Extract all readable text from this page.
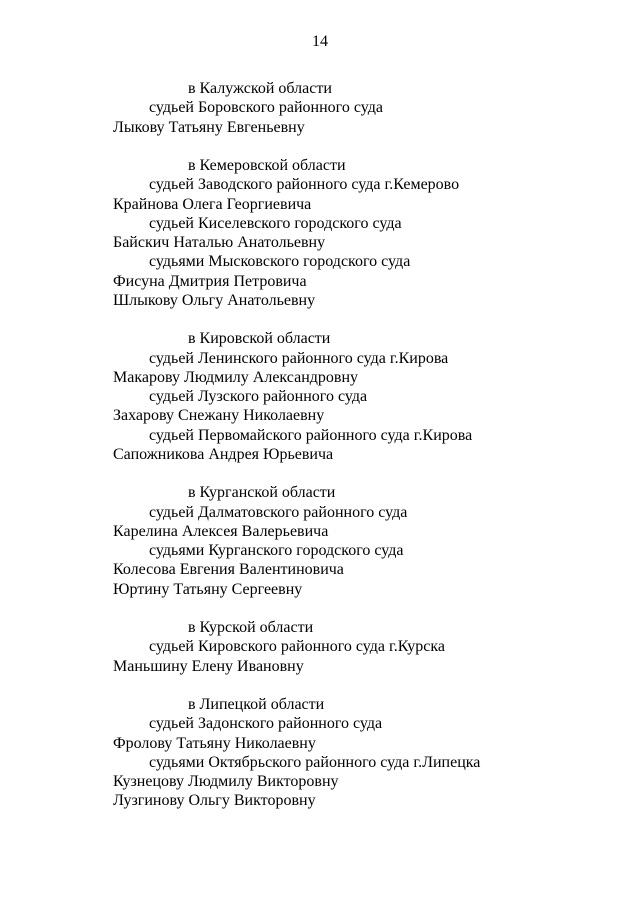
14
в Калужской области
судьей Боровского районного суда
Лыкову Татьяну Евгеньевну
в Кемеровской области
судьей Заводского районного суда г.Кемерово
Крайнова Олега Георгиевича
судьей Киселевского городского суда
Байскич Наталью Анатольевну
судьями Мысковского городского суда
Фисуна Дмитрия Петровича
Шлыкову Ольгу Анатольевну
в Кировской области
судьей Ленинского районного суда г.Кирова
Макарову Людмилу Александровну
судьей Лузского районного суда
Захарову Снежану Николаевну
судьей Первомайского районного суда г.Кирова
Сапожникова Андрея Юрьевича
в Курганской области
судьей Далматовского районного суда
Карелина Алексея Валерьевича
судьями Курганского городского суда
Колесова Евгения Валентиновича
Юртину Татьяну Сергеевну
в Курской области
судьей Кировского районного суда г.Курска
Маньшину Елену Ивановну
в Липецкой области
судьей Задонского районного суда
Фролову Татьяну Николаевну
судьями Октябрьского районного суда г.Липецка
Кузнецову Людмилу Викторовну
Лузгинову Ольгу Викторовну
